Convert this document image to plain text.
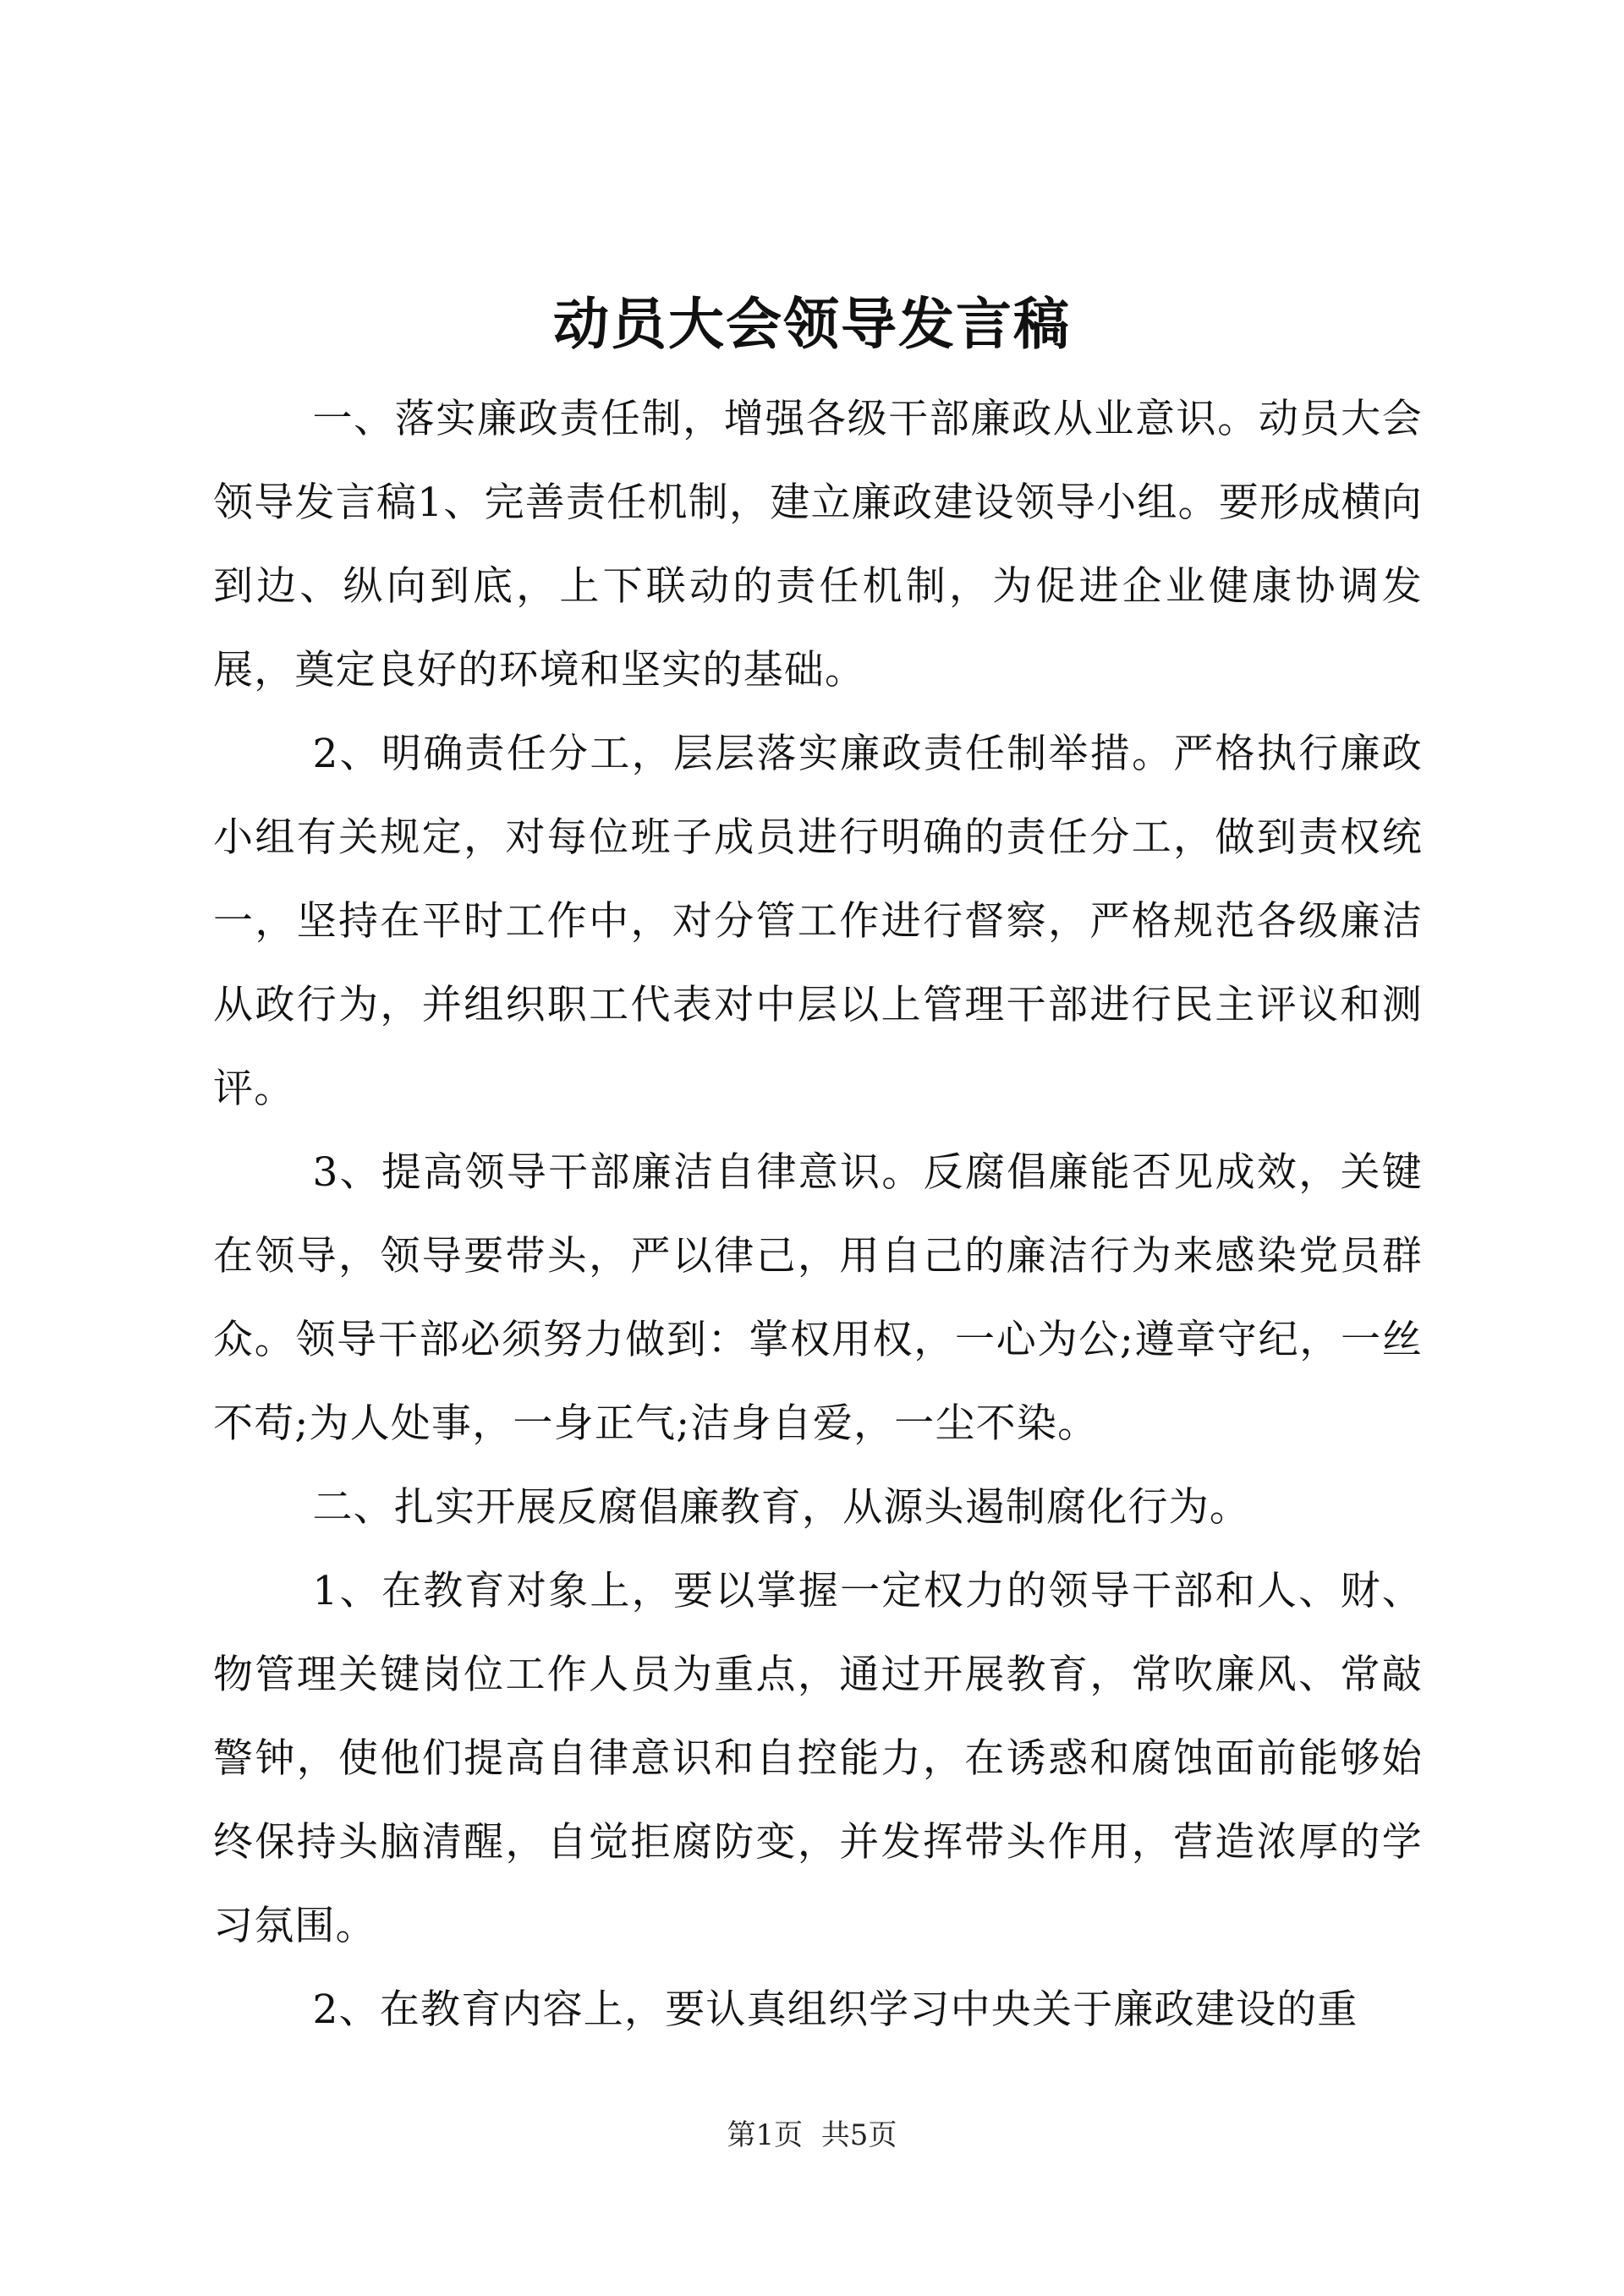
动员大会领导发言稿

一、落实廉政责任制，增强各级干部廉政从业意识。动员大会领导发言稿1、完善责任机制，建立廉政建设领导小组。要形成横向到边、纵向到底，上下联动的责任机制，为促进企业健康协调发展，奠定良好的环境和坚实的基础。

2、明确责任分工，层层落实廉政责任制举措。严格执行廉政小组有关规定，对每位班子成员进行明确的责任分工，做到责权统一，坚持在平时工作中，对分管工作进行督察，严格规范各级廉洁从政行为，并组织职工代表对中层以上管理干部进行民主评议和测评。

3、提高领导干部廉洁自律意识。反腐倡廉能否见成效，关键在领导，领导要带头，严以律己，用自己的廉洁行为来感染党员群众。领导干部必须努力做到：掌权用权，一心为公;遵章守纪，一丝不苟;为人处事，一身正气;洁身自爱，一尘不染。

二、扎实开展反腐倡廉教育，从源头遏制腐化行为。

1、在教育对象上，要以掌握一定权力的领导干部和人、财、物管理关键岗位工作人员为重点，通过开展教育，常吹廉风、常敲警钟，使他们提高自律意识和自控能力，在诱惑和腐蚀面前能够始终保持头脑清醒，自觉拒腐防变，并发挥带头作用，营造浓厚的学习氛围。

2、在教育内容上，要认真组织学习中央关于廉政建设的重

第1页 共5页
